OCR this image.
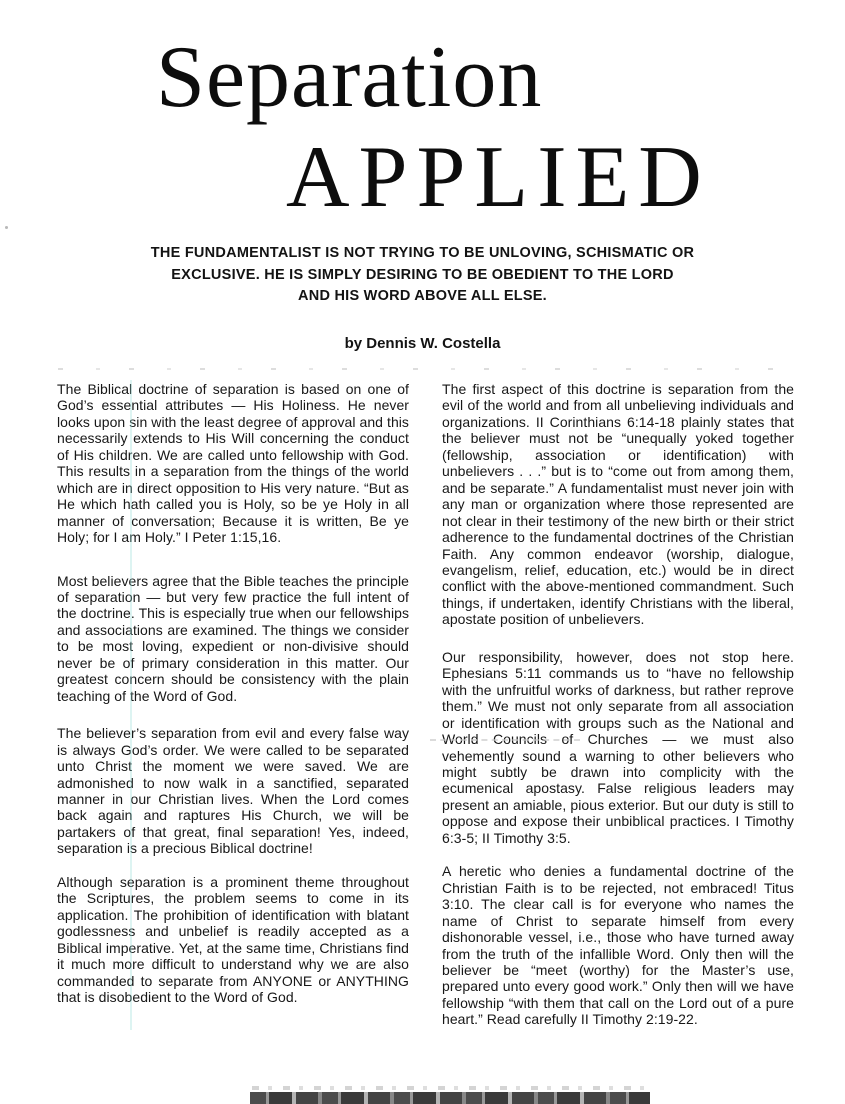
Separation
APPLIED
THE FUNDAMENTALIST IS NOT TRYING TO BE UNLOVING, SCHISMATIC OR
EXCLUSIVE. HE IS SIMPLY DESIRING TO BE OBEDIENT TO THE LORD
AND HIS WORD ABOVE ALL ELSE.
by Dennis W. Costella

The Biblical doctrine of separation is based on one of God’s essential attributes — His Holiness. He never looks upon sin with the least degree of approval and this necessarily extends to His Will concerning the conduct of His children. We are called unto fellowship with God. This results in a separation from the things of the world which are in direct opposition to His very nature. “But as He which hath called you is Holy, so be ye Holy in all manner of conversation; Because it is written, Be ye Holy; for I am Holy.” I Peter 1:15,16.

Most believers agree that the Bible teaches the principle of separation — but very few practice the full intent of the doctrine. This is especially true when our fellowships and associations are examined. The things we consider to be most loving, expedient or non-divisive should never be of primary consideration in this matter. Our greatest concern should be consistency with the plain teaching of the Word of God.

The believer’s separation from evil and every false way is always God’s order. We were called to be separated unto Christ the moment we were saved. We are admonished to now walk in a sanctified, separated manner in our Christian lives. When the Lord comes back again and raptures His Church, we will be partakers of that great, final separation! Yes, indeed, separation is a precious Biblical doctrine!

Although separation is a prominent theme throughout the Scriptures, the problem seems to come in its application. The prohibition of identification with blatant godlessness and unbelief is readily accepted as a Biblical imperative. Yet, at the same time, Christians find it much more difficult to understand why we are also commanded to separate from ANYONE or ANYTHING that is disobedient to the Word of God.

The first aspect of this doctrine is separation from the evil of the world and from all unbelieving individuals and organizations. II Corinthians 6:14-18 plainly states that the believer must not be “unequally yoked together (fellowship, association or identification) with unbelievers . . .” but is to “come out from among them, and be separate.” A fundamentalist must never join with any man or organization where those represented are not clear in their testimony of the new birth or their strict adherence to the fundamental doctrines of the Christian Faith. Any common endeavor (worship, dialogue, evangelism, relief, education, etc.) would be in direct conflict with the above-mentioned commandment. Such things, if undertaken, identify Christians with the liberal, apostate position of unbelievers.

Our responsibility, however, does not stop here. Ephesians 5:11 commands us to “have no fellowship with the unfruitful works of darkness, but rather reprove them.” We must not only separate from all association or identification with groups such as the National and World Councils of Churches — we must also vehemently sound a warning to other believers who might subtly be drawn into complicity with the ecumenical apostasy. False religious leaders may present an amiable, pious exterior. But our duty is still to oppose and expose their unbiblical practices. I Timothy 6:3-5; II Timothy 3:5.

A heretic who denies a fundamental doctrine of the Christian Faith is to be rejected, not embraced! Titus 3:10. The clear call is for everyone who names the name of Christ to separate himself from every dishonorable vessel, i.e., those who have turned away from the truth of the infallible Word. Only then will the believer be “meet (worthy) for the Master’s use, prepared unto every good work.” Only then will we have fellowship “with them that call on the Lord out of a pure heart.” Read carefully II Timothy 2:19-22.
